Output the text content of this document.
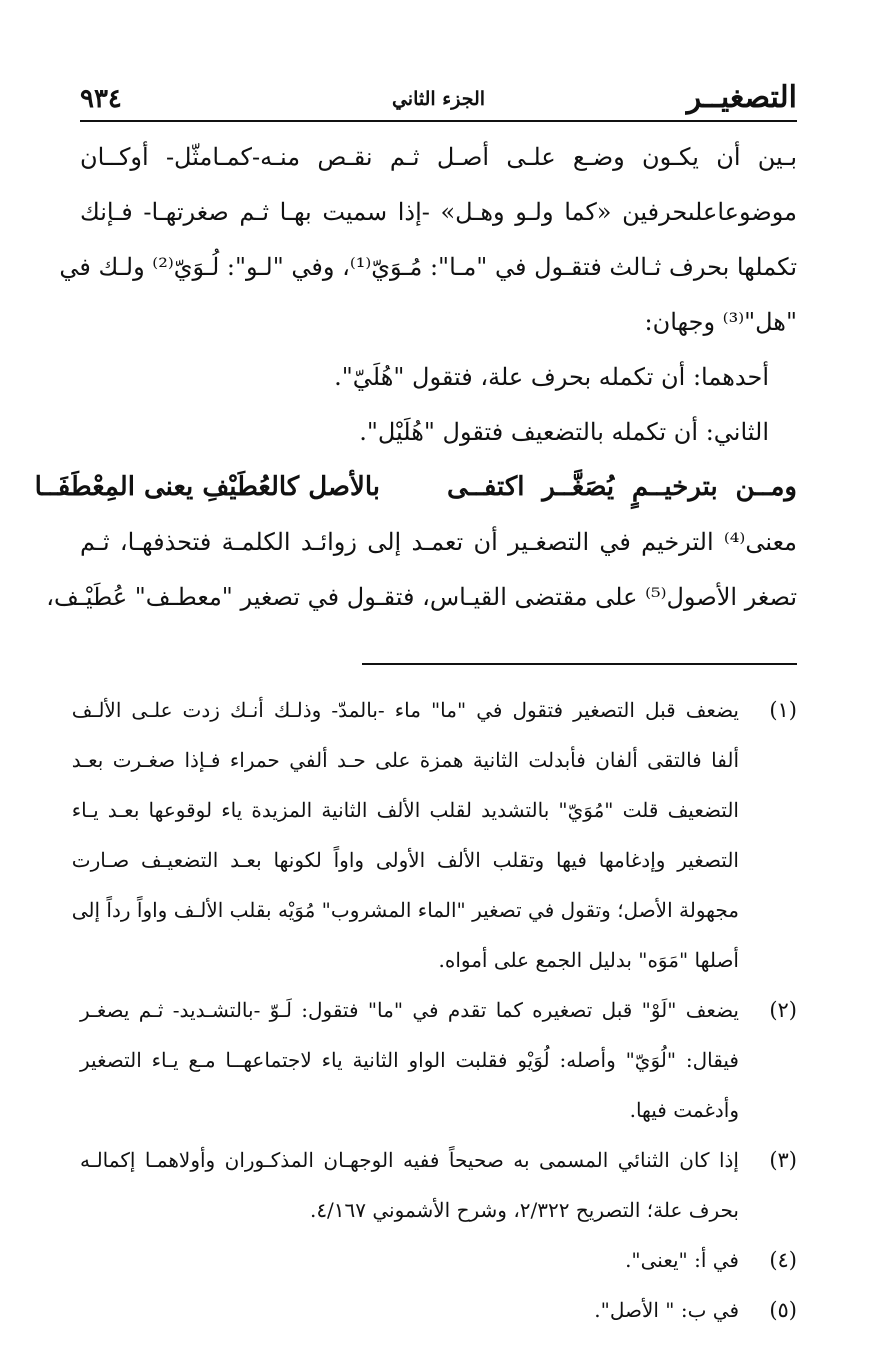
التصغيــر
الجزء الثاني
٩٣٤
بـين أن يكـون وضـع علـى أصـل ثـم نقـص منـه-كمـامثّل- أوكــان
موضوعاعلىحرفين «كما ولـو وهـل» -إذا سميت بهـا ثـم صغرتهـا- فـإنك
تكملها بحرف ثـالث فتقـول في "مـا": مُـوَيّ⁽¹⁾، وفي "لـو": لُـوَيّ⁽²⁾ ولـك في
"هل"⁽³⁾ وجهان:
أحدهما: أن تكمله بحرف علة، فتقول "هُلَيّ".
الثاني: أن تكمله بالتضعيف فتقول "هُلَيْل".
ومــن بترخيــمٍ يُصَغَّــر اكتفــى
بالأصل كالعُطَيْفِ يعنى المِعْطَفَــا
معنى⁽⁴⁾ الترخيم في التصغـير أن تعمـد إلى زوائـد الكلمـة فتحذفهـا، ثـم
تصغر الأصول⁽⁵⁾ على مقتضى القيـاس، فتقـول في تصغير "معطـف" عُطَيْـف،
(١)
يضعف قبل التصغير فتقول في "ما" ماء -بالمدّ- وذلـك أنـك زدت علـى الألـف
ألفا فالتقى ألفان فأبدلت الثانية همزة على حـد ألفي حمراء فـإذا صغـرت بعـد
التضعيف قلت "مُوَيّ" بالتشديد لقلب الألف الثانية المزيدة ياء لوقوعها بعـد يـاء
التصغير وإدغامها فيها وتقلب الألف الأولى واواً لكونها بعـد التضعيـف صـارت
مجهولة الأصل؛ وتقول في تصغير "الماء المشروب" مُوَيْه بقلب الألـف واواً رداً إلى
أصلها "مَوَه" بدليل الجمع على أمواه.
(٢)
يضعف "لَوْ" قبل تصغيره كما تقدم في "ما" فتقول: لَـوّ -بالتشـديد- ثـم يصغـر
فيقال: "لُوَيّ" وأصله: لُوَيْو فقلبت الواو الثانية ياء لاجتماعهــا مـع يـاء التصغير
وأدغمت فيها.
(٣)
إذا كان الثنائي المسمى به صحيحاً ففيه الوجهـان المذكـوران وأولاهمـا إكمالـه
بحرف علة؛ التصريح ٢/٣٢٢، وشرح الأشموني ٤/١٦٧.
(٤)
في أ: "يعنى".
(٥)
في ب: " الأصل".
